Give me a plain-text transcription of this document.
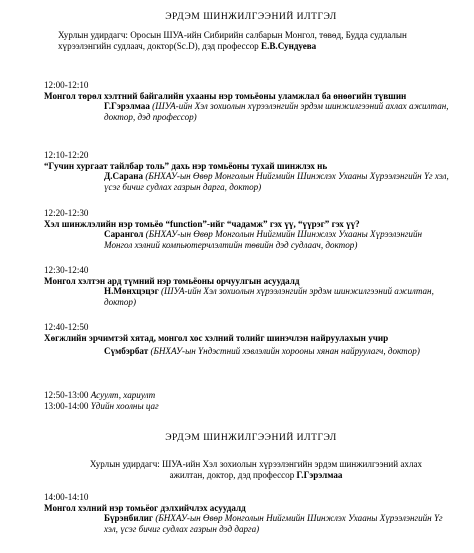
ЭРДЭМ ШИНЖИЛГЭЭНИЙ ИЛТГЭЛ
Хурлын удирдагч: Оросын ШУА-ийн Сибирийн салбарын Монгол, төвөд, Будда судлалын хүрээлэнгийн судлаач, доктор(Sc.D), дэд профессор Е.В.Сундуева
12:00-12:10
Монгол төрөл хэлтний байгалийн ухааны нэр томьёоны уламжлал ба өнөөгийн түвшин
Г.Гэрэлмаа (ШУА-ийн Хэл зохиолын хүрээлэнгийн эрдэм шинжилгээний ахлах ажилтан, доктор, дэд профессор)
12:10-12:20
“Гучин хургаат тайлбар толь” дахь нэр томьёоны тухай шинжлэх нь
Д.Сарана (БНХАУ-ын Өвөр Монголын Нийгмийн Шинжлэх Ухааны Хүрээлэнгийн Үг хэл, үсэг бичиг судлах газрын дарга, доктор)
12:20-12:30
Хэл шинжлэлийн нэр томьёо “function”-ийг “чадамж” гэх үү, “үүрэг” гэх үү?
Сарангол (БНХАУ-ын Өвөр Монголын Нийгмийн Шинжлэх Ухааны Хүрээлэнгийн Монгол хэлний компьютерчлэлтийн төвийн дэд судлаач, доктор)
12:30-12:40
Монгол хэлтэн ард түмний нэр томьёоны орчуулгын асуудалд
Н.Мөнхцэцэг (ШУА-ийн Хэл зохиолын хүрээлэнгийн эрдэм шинжилгээний ажилтан, доктор)
12:40-12:50
Хөгжлийн эрчимтэй хятад, монгол хос хэлний толийг шинэчлэн найруулахын учир
Сүмбэрбат (БНХАУ-ын Үндэстний хэвлэлийн хорооны хянан найруулагч, доктор)
12:50-13:00 Асуулт, хариулт
13:00-14:00 Үдийн хоолны цаг
ЭРДЭМ ШИНЖИЛГЭЭНИЙ ИЛТГЭЛ
Хурлын удирдагч: ШУА-ийн Хэл зохиолын хүрээлэнгийн эрдэм шинжилгээний ахлах ажилтан, доктор, дэд профессор Г.Гэрэлмаа
14:00-14:10
Монгол хэлний нэр томьёог дэлхийчлэх асуудалд
Бүрэнбилиг (БНХАУ-ын Өвөр Монголын Нийгмийн Шинжлэх Ухааны Хүрээлэнгийн Үг хэл, үсэг бичиг судлах газрын дэд дарга)
